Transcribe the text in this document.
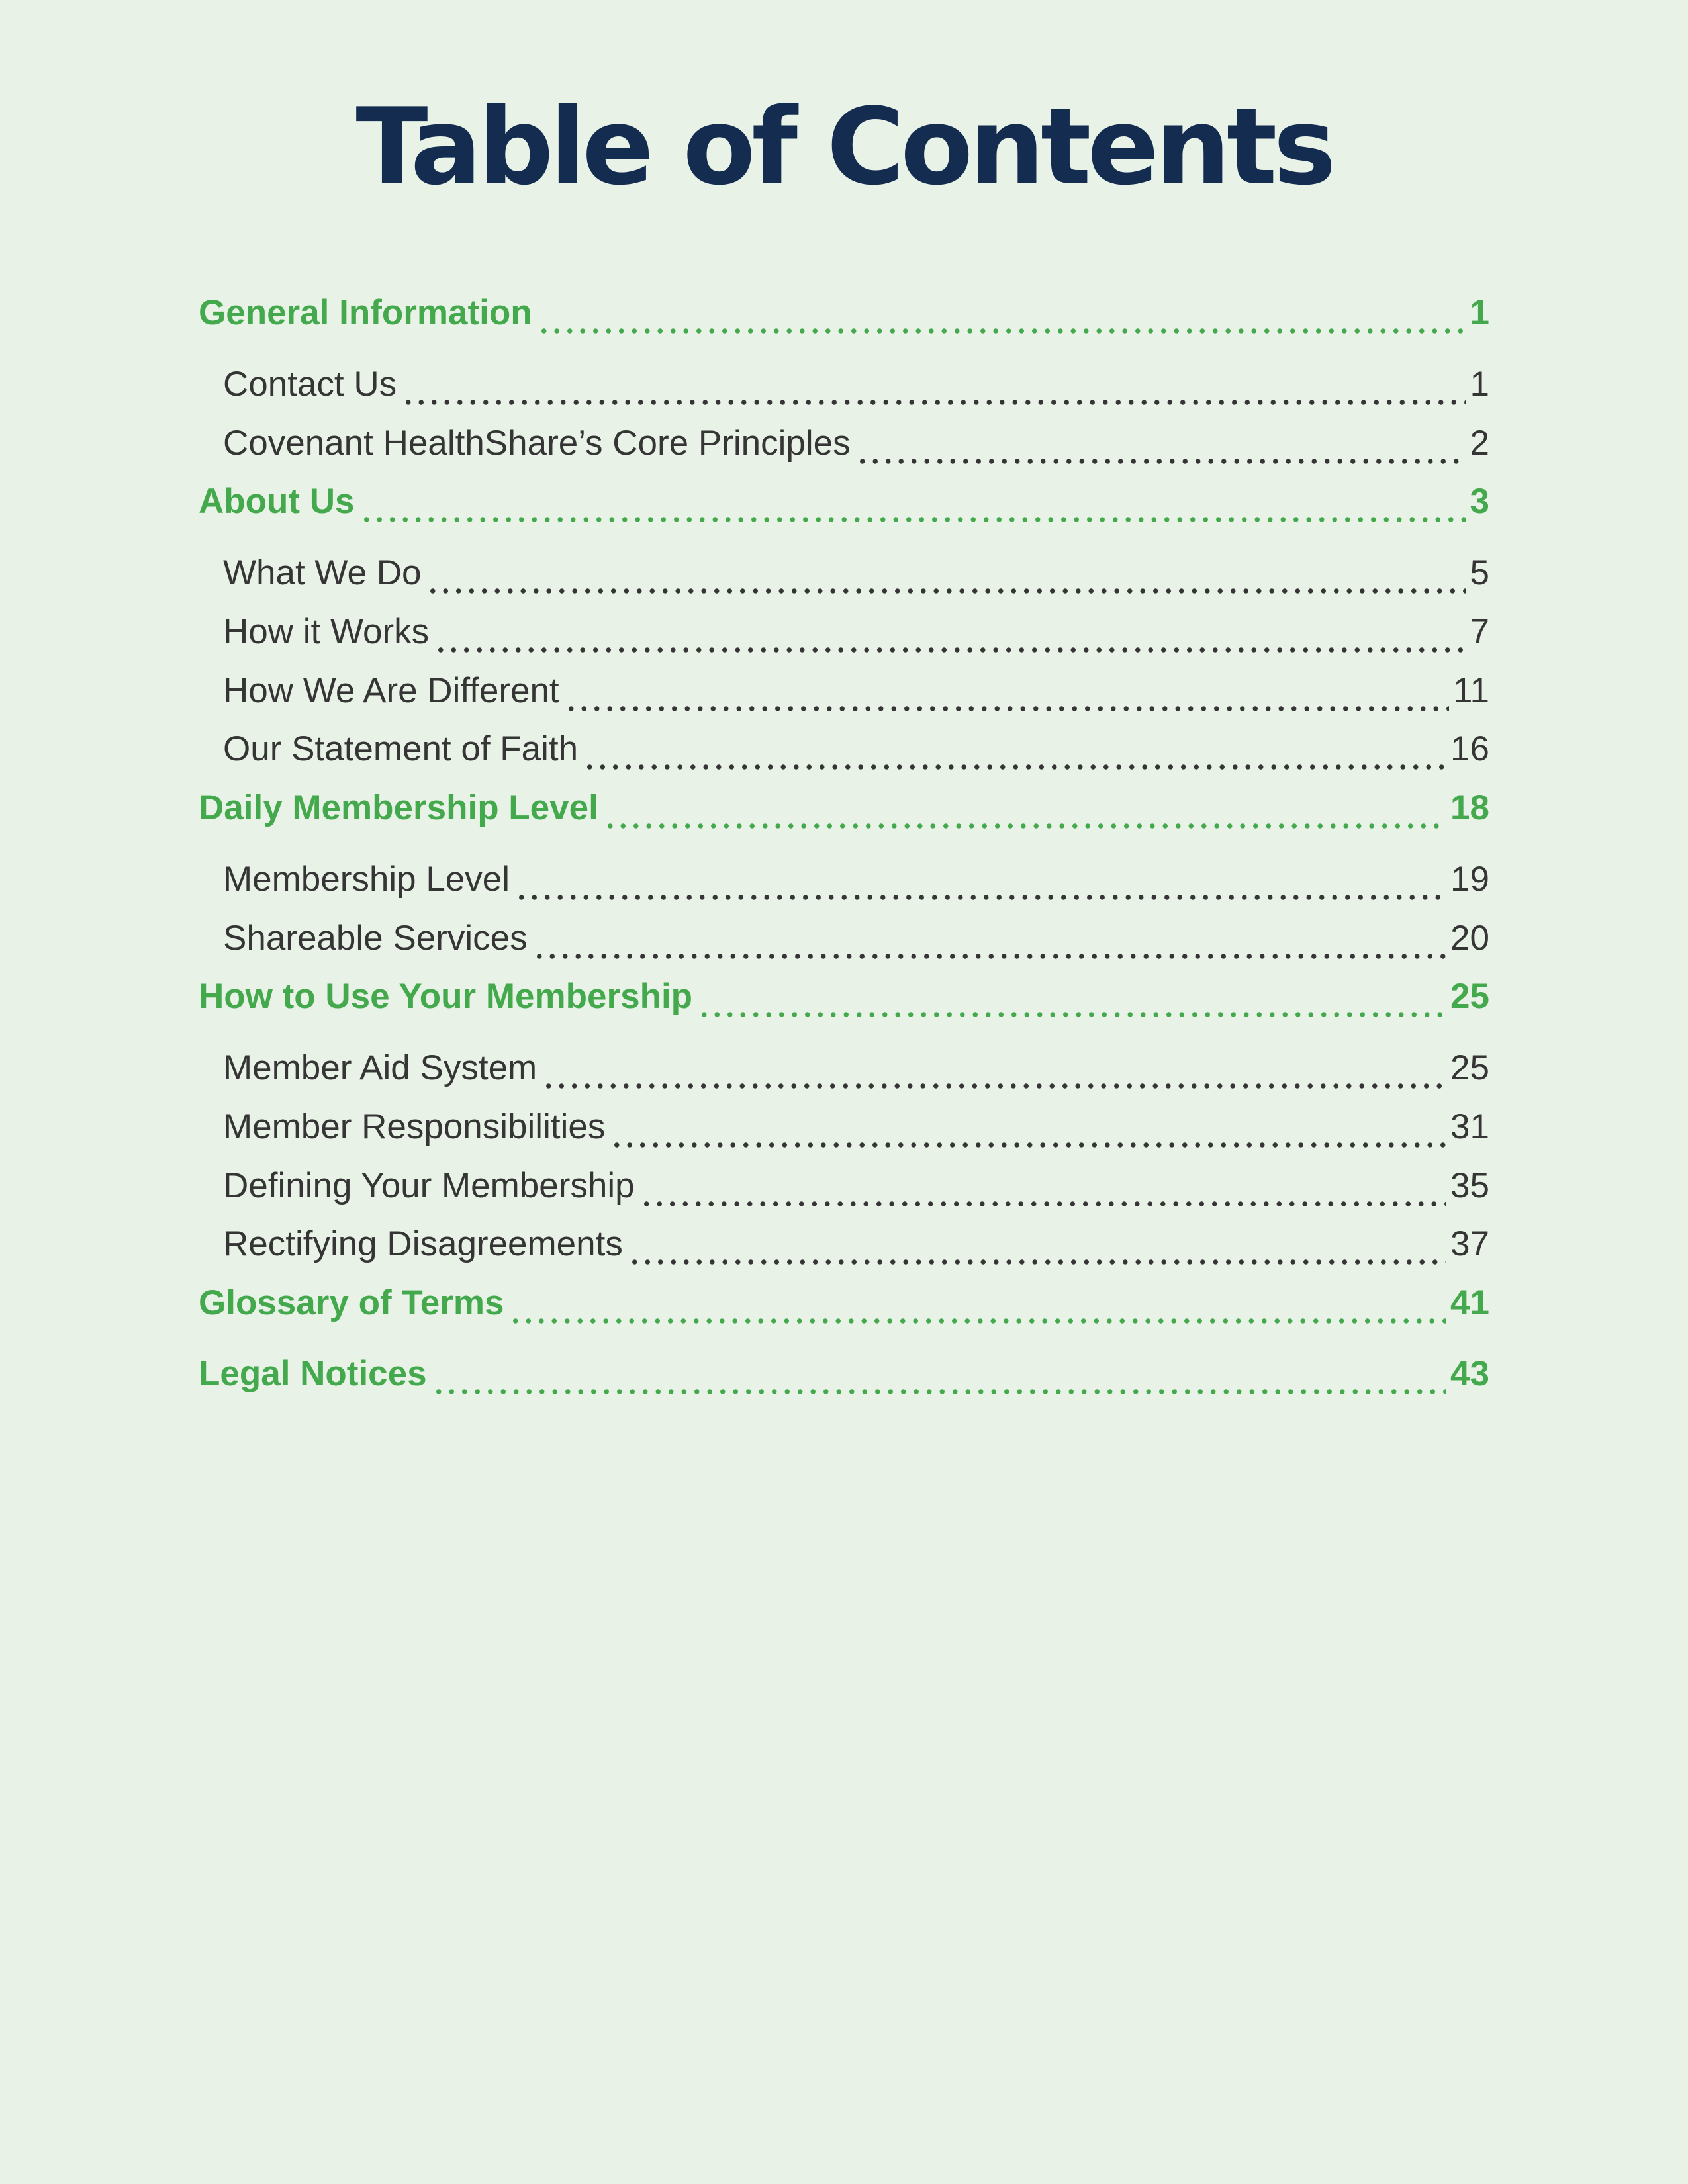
Table of Contents
General Information	1
Contact Us	1
Covenant HealthShare’s Core Principles	2
About Us	3
What We Do	5
How it Works	7
How We Are Different	11
Our Statement of Faith	16
Daily Membership Level	18
Membership Level	19
Shareable Services	20
How to Use Your Membership	25
Member Aid System	25
Member Responsibilities	31
Defining Your Membership	35
Rectifying Disagreements	37
Glossary of Terms	41
Legal Notices	43
